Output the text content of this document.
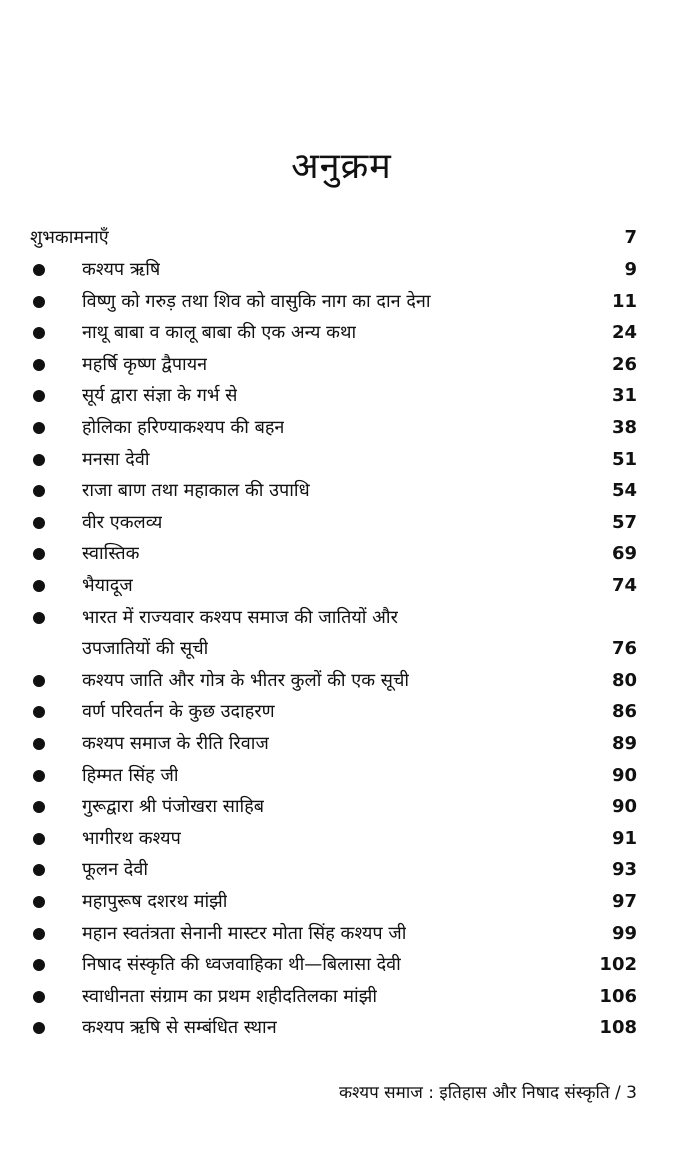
अनुक्रम
शुभकामनाएँ	7
कश्यप ऋषि	9
विष्णु को गरुड़ तथा शिव को वासुकि नाग का दान देना	11
नाथू बाबा व कालू बाबा की एक अन्य कथा	24
महर्षि कृष्ण द्वैपायन	26
सूर्य द्वारा संज्ञा के गर्भ से	31
होलिका हरिण्याकश्यप की बहन	38
मनसा देवी	51
राजा बाण तथा महाकाल की उपाधि	54
वीर एकलव्य	57
स्वास्तिक	69
भैयादूज	74
भारत में राज्यवार कश्यप समाज की जातियों और
उपजातियों की सूची	76
कश्यप जाति और गोत्र के भीतर कुलों की एक सूची	80
वर्ण परिवर्तन के कुछ उदाहरण	86
कश्यप समाज के रीति रिवाज	89
हिम्मत सिंह जी	90
गुरूद्वारा श्री पंजोखरा साहिब	90
भागीरथ कश्यप	91
फूलन देवी	93
महापुरूष दशरथ मांझी	97
महान स्वतंत्रता सेनानी मास्टर मोता सिंह कश्यप जी	99
निषाद संस्कृति की ध्वजवाहिका थी—बिलासा देवी	102
स्वाधीनता संग्राम का प्रथम शहीदतिलका मांझी	106
कश्यप ऋषि से सम्बंधित स्थान	108
कश्यप समाज : इतिहास और निषाद संस्कृति / 3
